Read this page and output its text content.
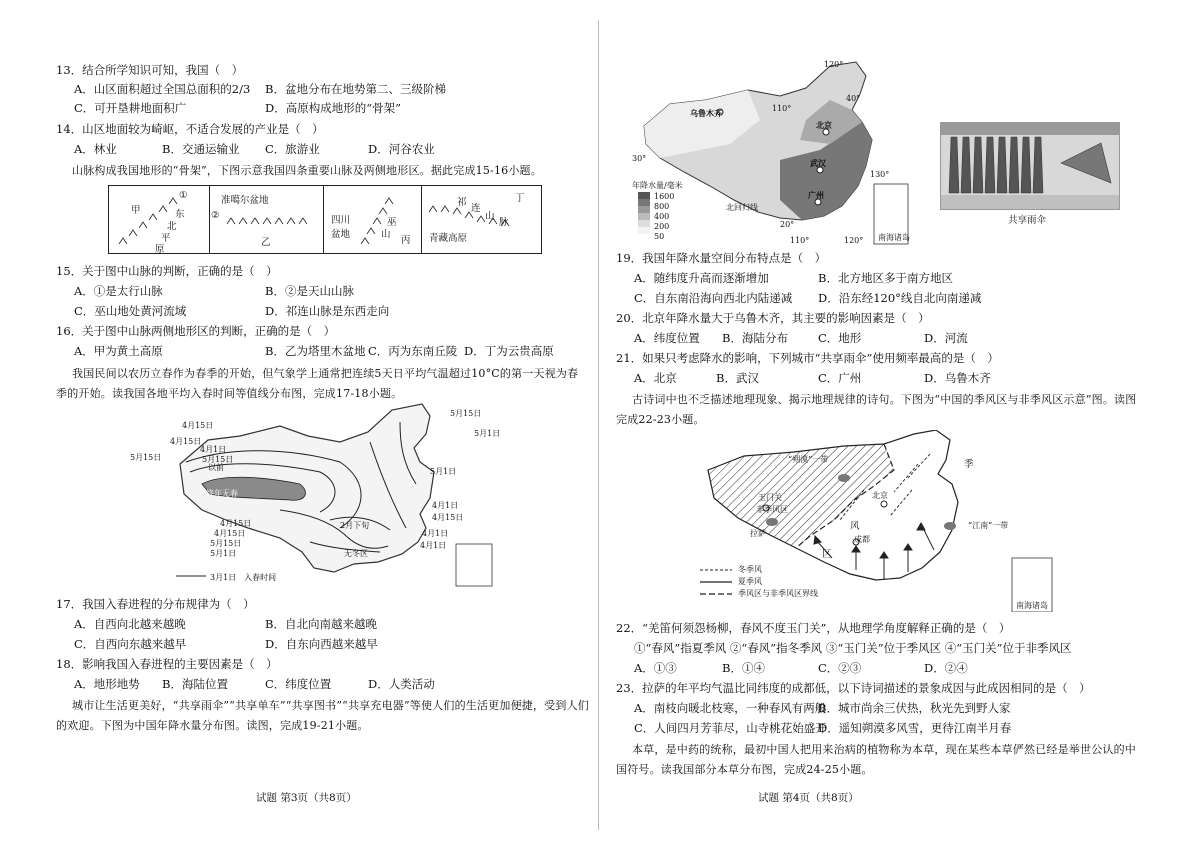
13．结合所学知识可知，我国（　）
A．山区面积超过全国总面积的2/3 B．盆地分布在地势第二、三级阶梯
C．可开垦耕地面积广	D．高原构成地形的“骨架”
14．山区地面较为崎岖，不适合发展的产业是（　）
A．林业	B．交通运输业 C．旅游业	D．河谷农业
山脉构成我国地形的“骨架”，下图示意我国四条重要山脉及两侧地形区。据此完成15-16小题。
甲
①
东
北
平
原
准噶尔盆地
②
乙
四川
盆地
巫
山
丙
祁
连
山
脉
丁
青藏高原
15．关于图中山脉的判断，正确的是（　）
A．①是太行山脉	B．②是天山山脉
C．巫山地处黄河流域	D．祁连山脉是东西走向
16．关于图中山脉两侧地形区的判断，正确的是（　）
A．甲为黄土高原	B．乙为塔里木盆地 C．丙为东南丘陵 D．丁为云贵高原
我国民间以农历立春作为春季的开始，但气象学上通常把连续5天日平均气温超过10°C的第一天视为春
季的开始。读我国各地平均入春时间等值线分布图，完成17-18小题。
5月15日
5月1日
4月15日
4月15日
4月1日
5月15日	5月15日
以前
终年无春
5月1日
4月1日
4月15日
4月15日
4月15日
5月15日
5月1日
2月下旬
4月1日
4月1日
无冬区
3月1日　入春时间
17．我国入春进程的分布规律为（　）
A．自西向北越来越晚	B．自北向南越来越晚
C．自西向东越来越早	D．自东向西越来越早
18．影响我国入春进程的主要因素是（　）
A．地形地势 B．海陆位置	C．纬度位置	D．人类活动
城市让生活更美好，“共享雨伞”“共享单车”“共享图书”“共享充电器”等使人们的生活更加便捷，受到人们
的欢迎。下图为中国年降水量分布图。读图，完成19-21小题。
试题 第3页（共8页）
乌鲁木齐
北京
武汉
广州
120°
40°
110°
30°
20°
110°	120°
130°
年降水量/毫米
1600
800
400
200
50
北回归线
南海诸岛
共享雨伞
19．我国年降水量空间分布特点是（　）
A．随纬度升高而逐渐增加	B．北方地区多于南方地区
C．自东南沿海向西北内陆递减 D．沿东经120°线自北向南递减
20．北京年降水量大于乌鲁木齐，其主要的影响因素是（　）
A．纬度位置 B．海陆分布	C．地形	D．河流
21．如果只考虑降水的影响，下列城市“共享雨伞”使用频率最高的是（　）
A．北京	B．武汉	C．广州	D．乌鲁木齐
古诗词中也不乏描述地理现象、揭示地理规律的诗句。下图为“中国的季风区与非季风区示意”图。读图
完成22-23小题。
“朔漠”一带	季
玉门关
非季风区
北京
风	“江南”一带
拉萨
区
成都
冬季风
夏季风
季风区与非季风区界线
南海诸岛
22．“羌笛何须怨杨柳，春风不度玉门关”，从地理学角度解释正确的是（　）
①“春风”指夏季风 ②“春风”指冬季风 ③“玉门关”位于季风区 ④“玉门关”位于非季风区
A．①③	B．①④	C．②③	D．②④
23．拉萨的年平均气温比同纬度的成都低，以下诗词描述的景象成因与此成因相同的是（　）
A．南枝向暖北枝寒，一种春风有两般
B．城市尚余三伏热，秋光先到野人家
C．人间四月芳菲尽，山寺桃花始盛开
D．遥知朔漠多风雪，更待江南半月春
本草，是中药的统称，最初中国人把用来治病的植物称为本草，现在某些本草俨然已经是举世公认的中
国符号。读我国部分本草分布图，完成24-25小题。
试题 第4页（共8页）
